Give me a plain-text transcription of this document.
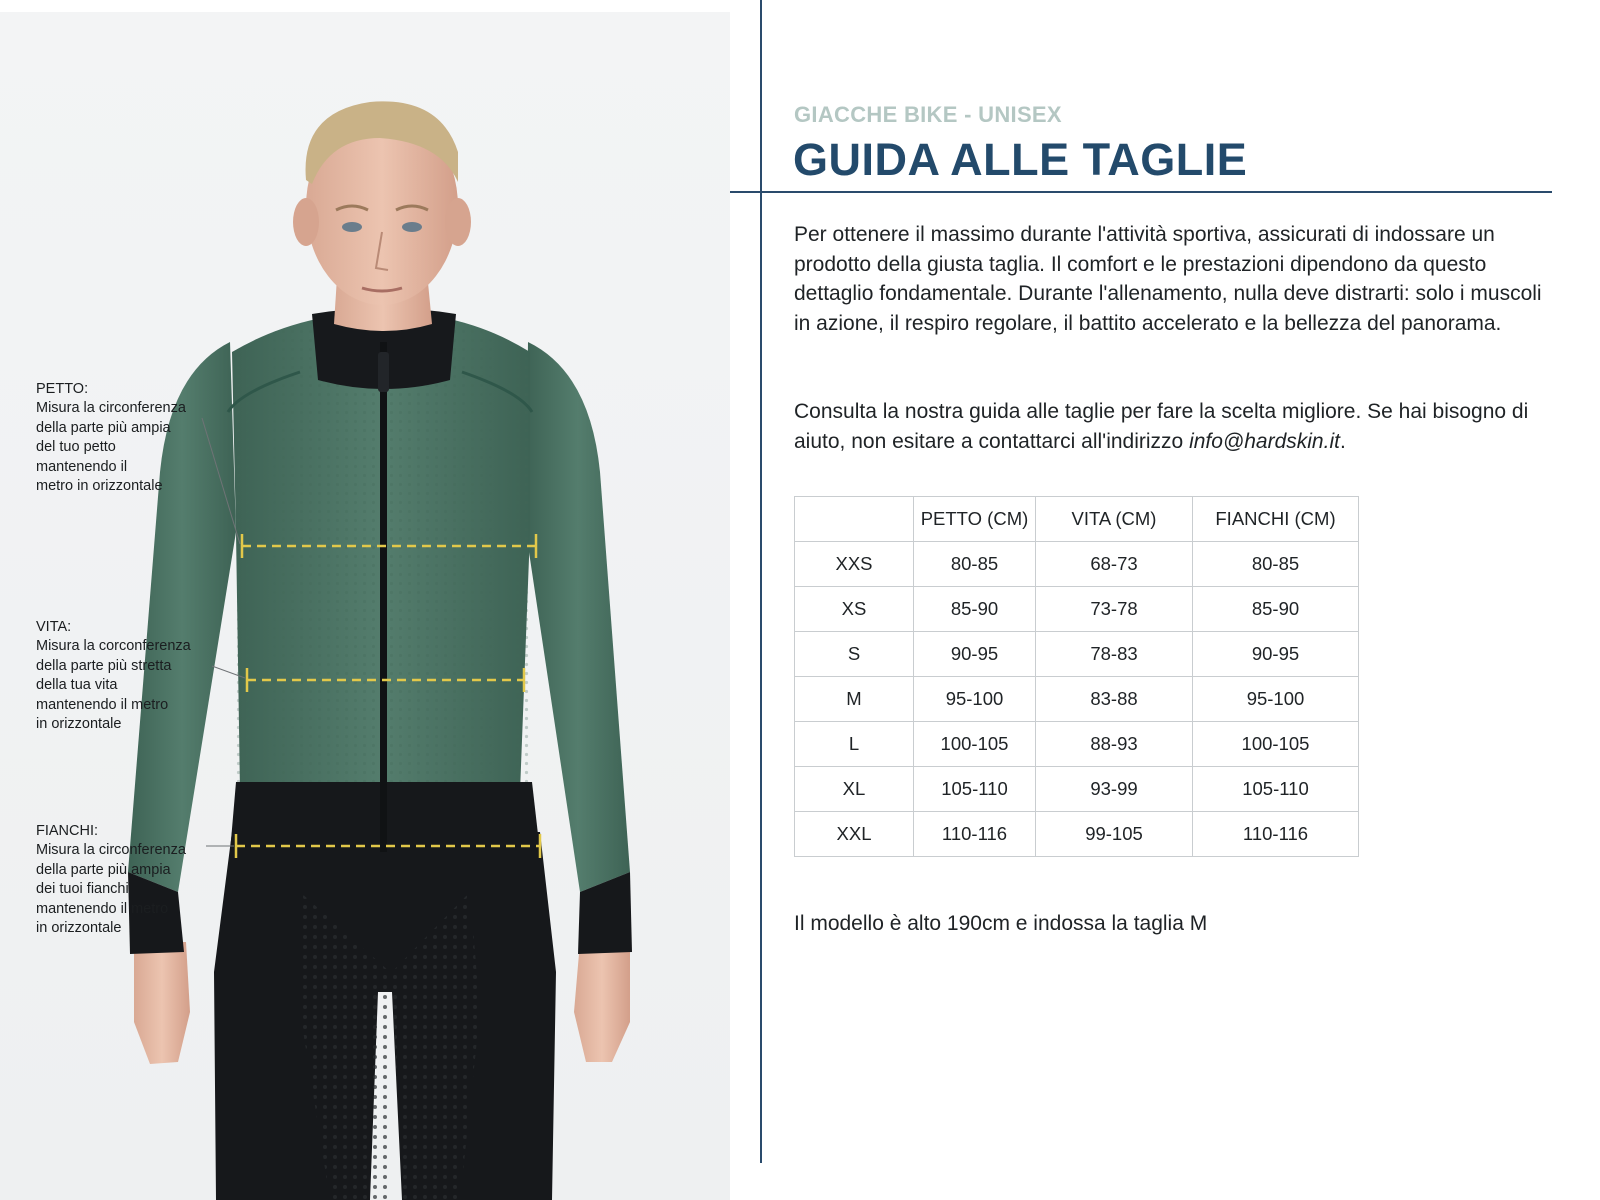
PETTO:
Misura la circonferenza
della parte più ampia
del tuo petto
mantenendo il
metro in orizzontale

VITA:
Misura la corconferenza
della parte più stretta
della tua vita
mantenendo il metro
in orizzontale

FIANCHI:
Misura la circonferenza
della parte più ampia
dei tuoi fianchi
mantenendo il metro
in orizzontale

GIACCHE BIKE - UNISEX
GUIDA ALLE TAGLIE

Per ottenere il massimo durante l'attività sportiva, assicurati di indossare un prodotto della giusta taglia. Il comfort e le prestazioni dipendono da questo dettaglio fondamentale. Durante l'allenamento, nulla deve distrarti: solo i muscoli in azione, il respiro regolare, il battito accelerato e la bellezza del panorama.

Consulta la nostra guida alle taglie per fare la scelta migliore. Se hai bisogno di aiuto, non esitare a contattarci all'indirizzo info@hardskin.it.

	PETTO (CM)	VITA (CM)	FIANCHI (CM)
XXS	80-85	68-73	80-85
XS	85-90	73-78	85-90
S	90-95	78-83	90-95
M	95-100	83-88	95-100
L	100-105	88-93	100-105
XL	105-110	93-99	105-110
XXL	110-116	99-105	110-116

Il modello è alto 190cm e indossa la taglia M
